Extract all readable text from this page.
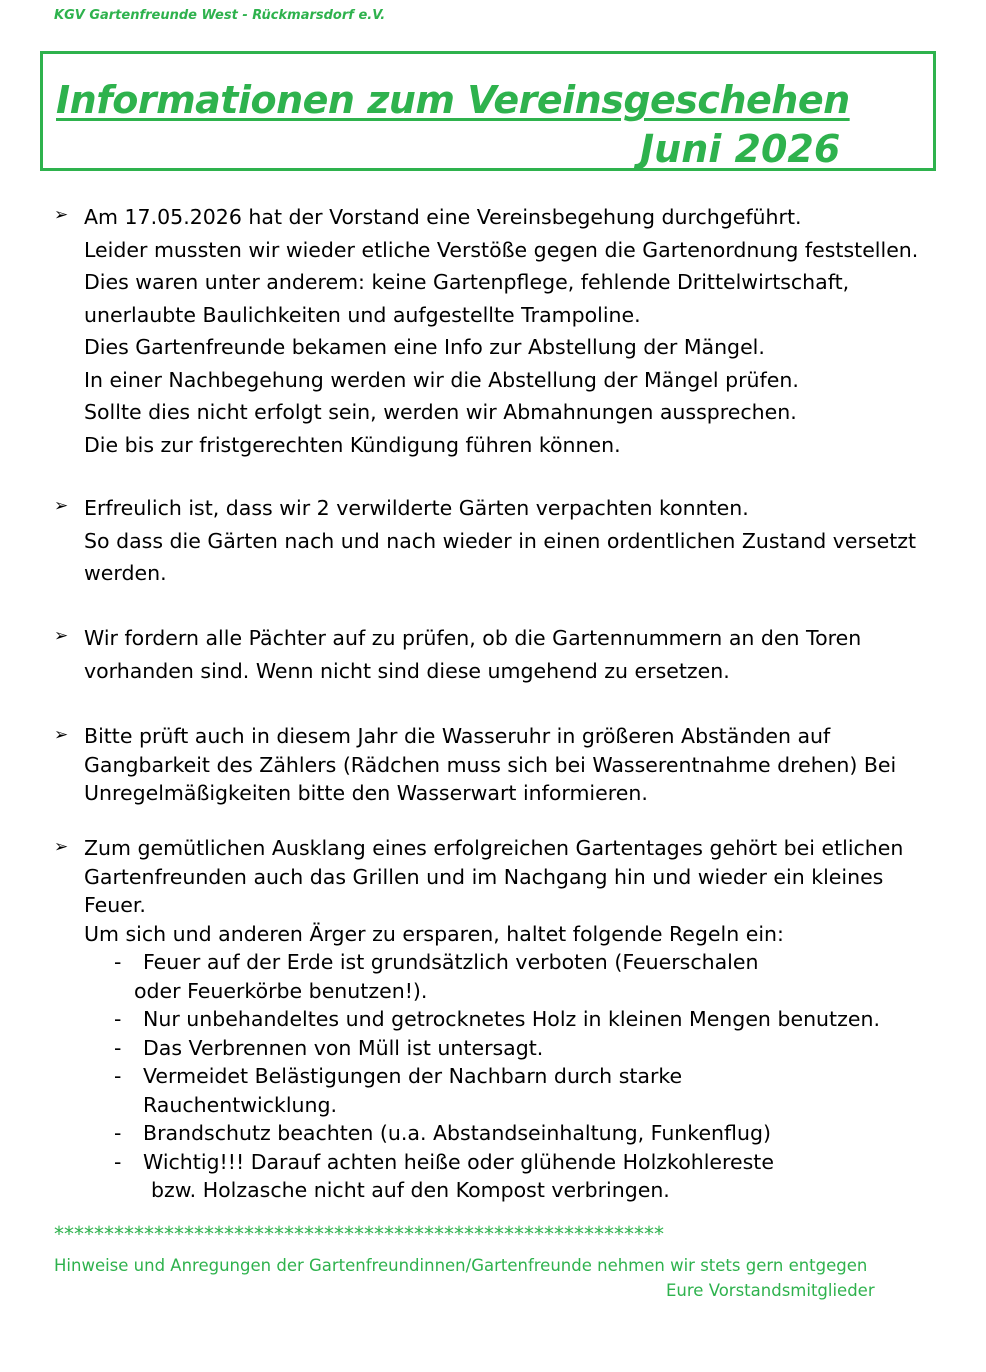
KGV Gartenfreunde West - Rückmarsdorf e.V.
Informationen zum Vereinsgeschehen
Juni 2026
➢ Am 17.05.2026 hat der Vorstand eine Vereinsbegehung durchgeführt.
Leider mussten wir wieder etliche Verstöße gegen die Gartenordnung feststellen.
Dies waren unter anderem: keine Gartenpflege, fehlende Drittelwirtschaft,
unerlaubte Baulichkeiten und aufgestellte Trampoline.
Dies Gartenfreunde bekamen eine Info zur Abstellung der Mängel.
In einer Nachbegehung werden wir die Abstellung der Mängel prüfen.
Sollte dies nicht erfolgt sein, werden wir Abmahnungen aussprechen.
Die bis zur fristgerechten Kündigung führen können.
➢ Erfreulich ist, dass wir 2 verwilderte Gärten verpachten konnten.
So dass die Gärten nach und nach wieder in einen ordentlichen Zustand versetzt
werden.
➢ Wir fordern alle Pächter auf zu prüfen, ob die Gartennummern an den Toren
vorhanden sind. Wenn nicht sind diese umgehend zu ersetzen.
➢ Bitte prüft auch in diesem Jahr die Wasseruhr in größeren Abständen auf
Gangbarkeit des Zählers (Rädchen muss sich bei Wasserentnahme drehen) Bei
Unregelmäßigkeiten bitte den Wasserwart informieren.
➢ Zum gemütlichen Ausklang eines erfolgreichen Gartentages gehört bei etlichen
Gartenfreunden auch das Grillen und im Nachgang hin und wieder ein kleines
Feuer.
Um sich und anderen Ärger zu ersparen, haltet folgende Regeln ein:
- Feuer auf der Erde ist grundsätzlich verboten (Feuerschalen
oder Feuerkörbe benutzen!).
- Nur unbehandeltes und getrocknetes Holz in kleinen Mengen benutzen.
- Das Verbrennen von Müll ist untersagt.
- Vermeidet Belästigungen der Nachbarn durch starke
Rauchentwicklung.
- Brandschutz beachten (u.a. Abstandseinhaltung, Funkenflug)
- Wichtig!!! Darauf achten heiße oder glühende Holzkohlereste
bzw. Holzasche nicht auf den Kompost verbringen.
*************************************************************
Hinweise und Anregungen der Gartenfreundinnen/Gartenfreunde nehmen wir stets gern entgegen
Eure Vorstandsmitglieder
